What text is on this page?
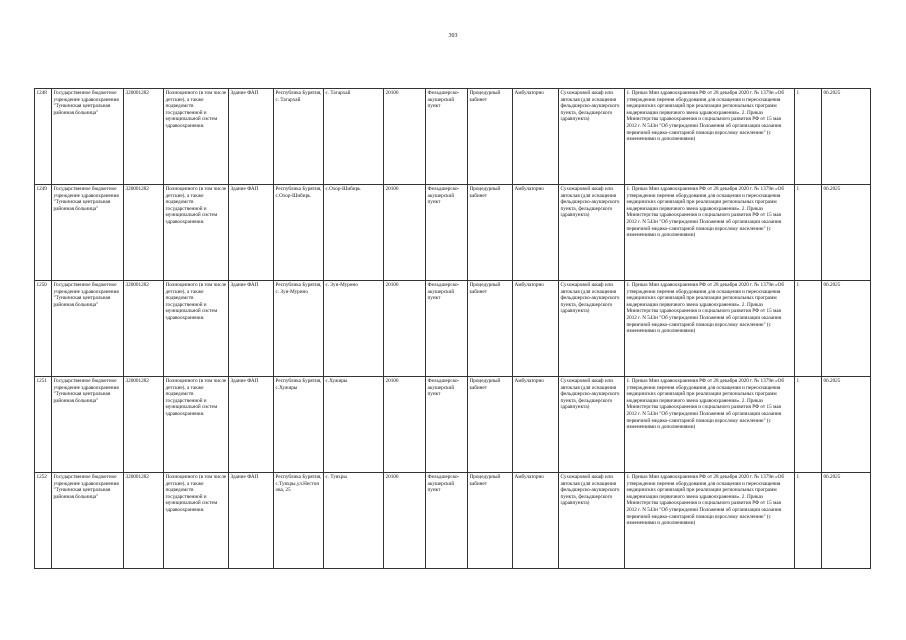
303
1248	Государственное бюджетное учреждение здравоохранения "Тункинская центральная районная больница"	320001282	Полноценного (в том числе детские), а также подведомств государственной и муниципальной систем здравоохранения.	Здание ФАП	Республика Бурятия, с. Тагархай	с. Тагархай	20106	Фельдшерско-акушерский пункт	Процедурный кабинет	Амбулаторно	Сухожаровой шкаф или автоклав (для оснащения фельдшерско-акушерского пункта, фельдшерского здравпункта)	1. Приказ Мин здравоохранения РФ от 28 декабря 2020 г. № 1379н «Об утверждении перечня оборудования для оснащения и переоснащения медицинских организаций при реализации региональных программ модернизации первичного звена здравоохранения». 2. Приказ Министерства здравоохранения и социального развития РФ от 15 мая 2012 г. N 543н "Об утверждении Положения об организации оказания первичной медико-санитарной помощи взрослому населению" (с изменениями и дополнениями)	1	06.2025
1249	Государственное бюджетное учреждение здравоохранения "Тункинская центральная районная больница"	320001282	Полноценного (в том числе детские), а также подведомств государственной и муниципальной систем здравоохранения.	Здание ФАП	Республика Бурятия, с.Охор-Шибирь	с.Охор-Шибирь	20106	Фельдшерско-акушерский пункт	Процедурный кабинет	Амбулаторно	Сухожаровой шкаф или автоклав (для оснащения фельдшерско-акушерского пункта, фельдшерского здравпункта)	1. Приказ Мин здравоохранения РФ от 28 декабря 2020 г. № 1379н «Об утверждении перечня оборудования для оснащения и переоснащения медицинских организаций при реализации региональных программ модернизации первичного звена здравоохранения». 2. Приказ Министерства здравоохранения и социального развития РФ от 15 мая 2012 г. N 543н "Об утверждении Положения об организации оказания первичной медико-санитарной помощи взрослому населению" (с изменениями и дополнениями)	1	06.2025
1250	Государственное бюджетное учреждение здравоохранения "Тункинская центральная районная больница"	320001282	Полноценного (в том числе детские), а также подведомств государственной и муниципальной систем здравоохранения.	Здание ФАП	Республика Бурятия, с. Зун-Мурино	с. Зун-Мурино	20106	Фельдшерско-акушерский пункт	Процедурный кабинет	Амбулаторно	Сухожаровой шкаф или автоклав (для оснащения фельдшерско-акушерского пункта, фельдшерского здравпункта)	1. Приказ Мин здравоохранения РФ от 28 декабря 2020 г. № 1379н «Об утверждении перечня оборудования для оснащения и переоснащения медицинских организаций при реализации региональных программ модернизации первичного звена здравоохранения». 2. Приказ Министерства здравоохранения и социального развития РФ от 15 мая 2012 г. N 543н "Об утверждении Положения об организации оказания первичной медико-санитарной помощи взрослому населению" (с изменениями и дополнениями)	1	06.2025
1251	Государственное бюджетное учреждение здравоохранения "Тункинская центральная районная больница"	320001282	Полноценного (в том числе детские), а также подведомств государственной и муниципальной систем здравоохранения.	Здание ФАП	Республика Бурятия, с.Хужиры	с.Хужиры	20106	Фельдшерско-акушерский пункт	Процедурный кабинет	Амбулаторно	Сухожаровой шкаф или автоклав (для оснащения фельдшерско-акушерского пункта, фельдшерского здравпункта)	1. Приказ Мин здравоохранения РФ от 28 декабря 2020 г. № 1379н «Об утверждении перечня оборудования для оснащения и переоснащения медицинских организаций при реализации региональных программ модернизации первичного звена здравоохранения». 2. Приказ Министерства здравоохранения и социального развития РФ от 15 мая 2012 г. N 543н "Об утверждении Положения об организации оказания первичной медико-санитарной помощи взрослому населению" (с изменениями и дополнениями)	1	06.2025
1252	Государственное бюджетное учреждение здравоохранения "Тункинская центральная районная больница"	320001282	Полноценного (в том числе детские), а также подведомств государственной и муниципальной систем здравоохранения.	Здание ФАП	Республика Бурятия, с.Туяхры,ул.Нестонова, 25	с. Туяхры	20106	Фельдшерско-акушерский пункт	Процедурный кабинет	Амбулаторно	Сухожаровой шкаф или автоклав (для оснащения фельдшерско-акушерского пункта, фельдшерского здравпункта)	1. Приказ Мин здравоохранения РФ от 28 декабря 2020 г. № 1379н «Об утверждении перечня оборудования для оснащения и переоснащения медицинских организаций при реализации региональных программ модернизации первичного звена здравоохранения». 2. Приказ Министерства здравоохранения и социального развития РФ от 15 мая 2012 г. N 543н "Об утверждении Положения об организации оказания первичной медико-санитарной помощи взрослому населению" (с изменениями и дополнениями)	1	06.2025
